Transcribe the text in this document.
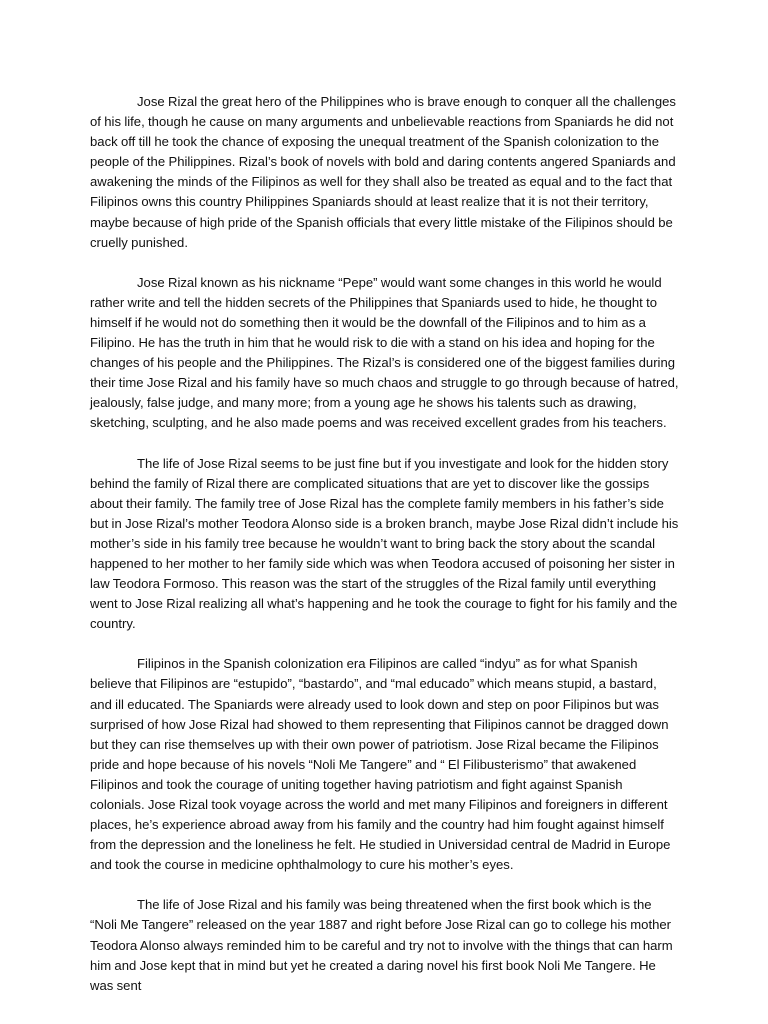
Jose Rizal the great hero of the Philippines who is brave enough to conquer all the challenges of his life, though he cause on many arguments and unbelievable reactions from Spaniards he did not back off till he took the chance of exposing the unequal treatment of the Spanish colonization to the people of the Philippines. Rizal’s book of novels with bold and daring contents angered Spaniards and awakening the minds of the Filipinos as well for they shall also be treated as equal and to the fact that Filipinos owns this country Philippines Spaniards should at least realize that it is not their territory, maybe because of high pride of the Spanish officials that every little mistake of the Filipinos should be cruelly punished.

Jose Rizal known as his nickname “Pepe” would want some changes in this world he would rather write and tell the hidden secrets of the Philippines that Spaniards used to hide, he thought to himself if he would not do something then it would be the downfall of the Filipinos and to him as a Filipino. He has the truth in him that he would risk to die with a stand on his idea and hoping for the changes of his people and the Philippines. The Rizal’s is considered one of the biggest families during their time Jose Rizal and his family have so much chaos and struggle to go through because of hatred, jealously, false judge, and many more; from a young age he shows his talents such as drawing, sketching, sculpting, and he also made poems and was received excellent grades from his teachers.

The life of Jose Rizal seems to be just fine but if you investigate and look for the hidden story behind the family of Rizal there are complicated situations that are yet to discover like the gossips about their family. The family tree of Jose Rizal has the complete family members in his father’s side but in Jose Rizal’s mother Teodora Alonso side is a broken branch, maybe Jose Rizal didn’t include his mother’s side in his family tree because he wouldn’t want to bring back the story about the scandal happened to her mother to her family side which was when Teodora accused of poisoning her sister in law Teodora Formoso. This reason was the start of the struggles of the Rizal family until everything went to Jose Rizal realizing all what’s happening and he took the courage to fight for his family and the country.

Filipinos in the Spanish colonization era Filipinos are called “indyu” as for what Spanish believe that Filipinos are “estupido”, “bastardo”, and “mal educado” which means stupid, a bastard, and ill educated. The Spaniards were already used to look down and step on poor Filipinos but was surprised of how Jose Rizal had showed to them representing that Filipinos cannot be dragged down but they can rise themselves up with their own power of patriotism. Jose Rizal became the Filipinos pride and hope because of his novels “Noli Me Tangere” and “ El Filibusterismo” that awakened Filipinos and took the courage of uniting together having patriotism and fight against Spanish colonials. Jose Rizal took voyage across the world and met many Filipinos and foreigners in different places, he’s experience abroad away from his family and the country had him fought against himself from the depression and the loneliness he felt. He studied in Universidad central de Madrid in Europe and took the course in medicine ophthalmology to cure his mother’s eyes.

The life of Jose Rizal and his family was being threatened when the first book which is the “Noli Me Tangere” released on the year 1887 and right before Jose Rizal can go to college his mother Teodora Alonso always reminded him to be careful and try not to involve with the things that can harm him and Jose kept that in mind but yet he created a daring novel his first book Noli Me Tangere. He was sent
